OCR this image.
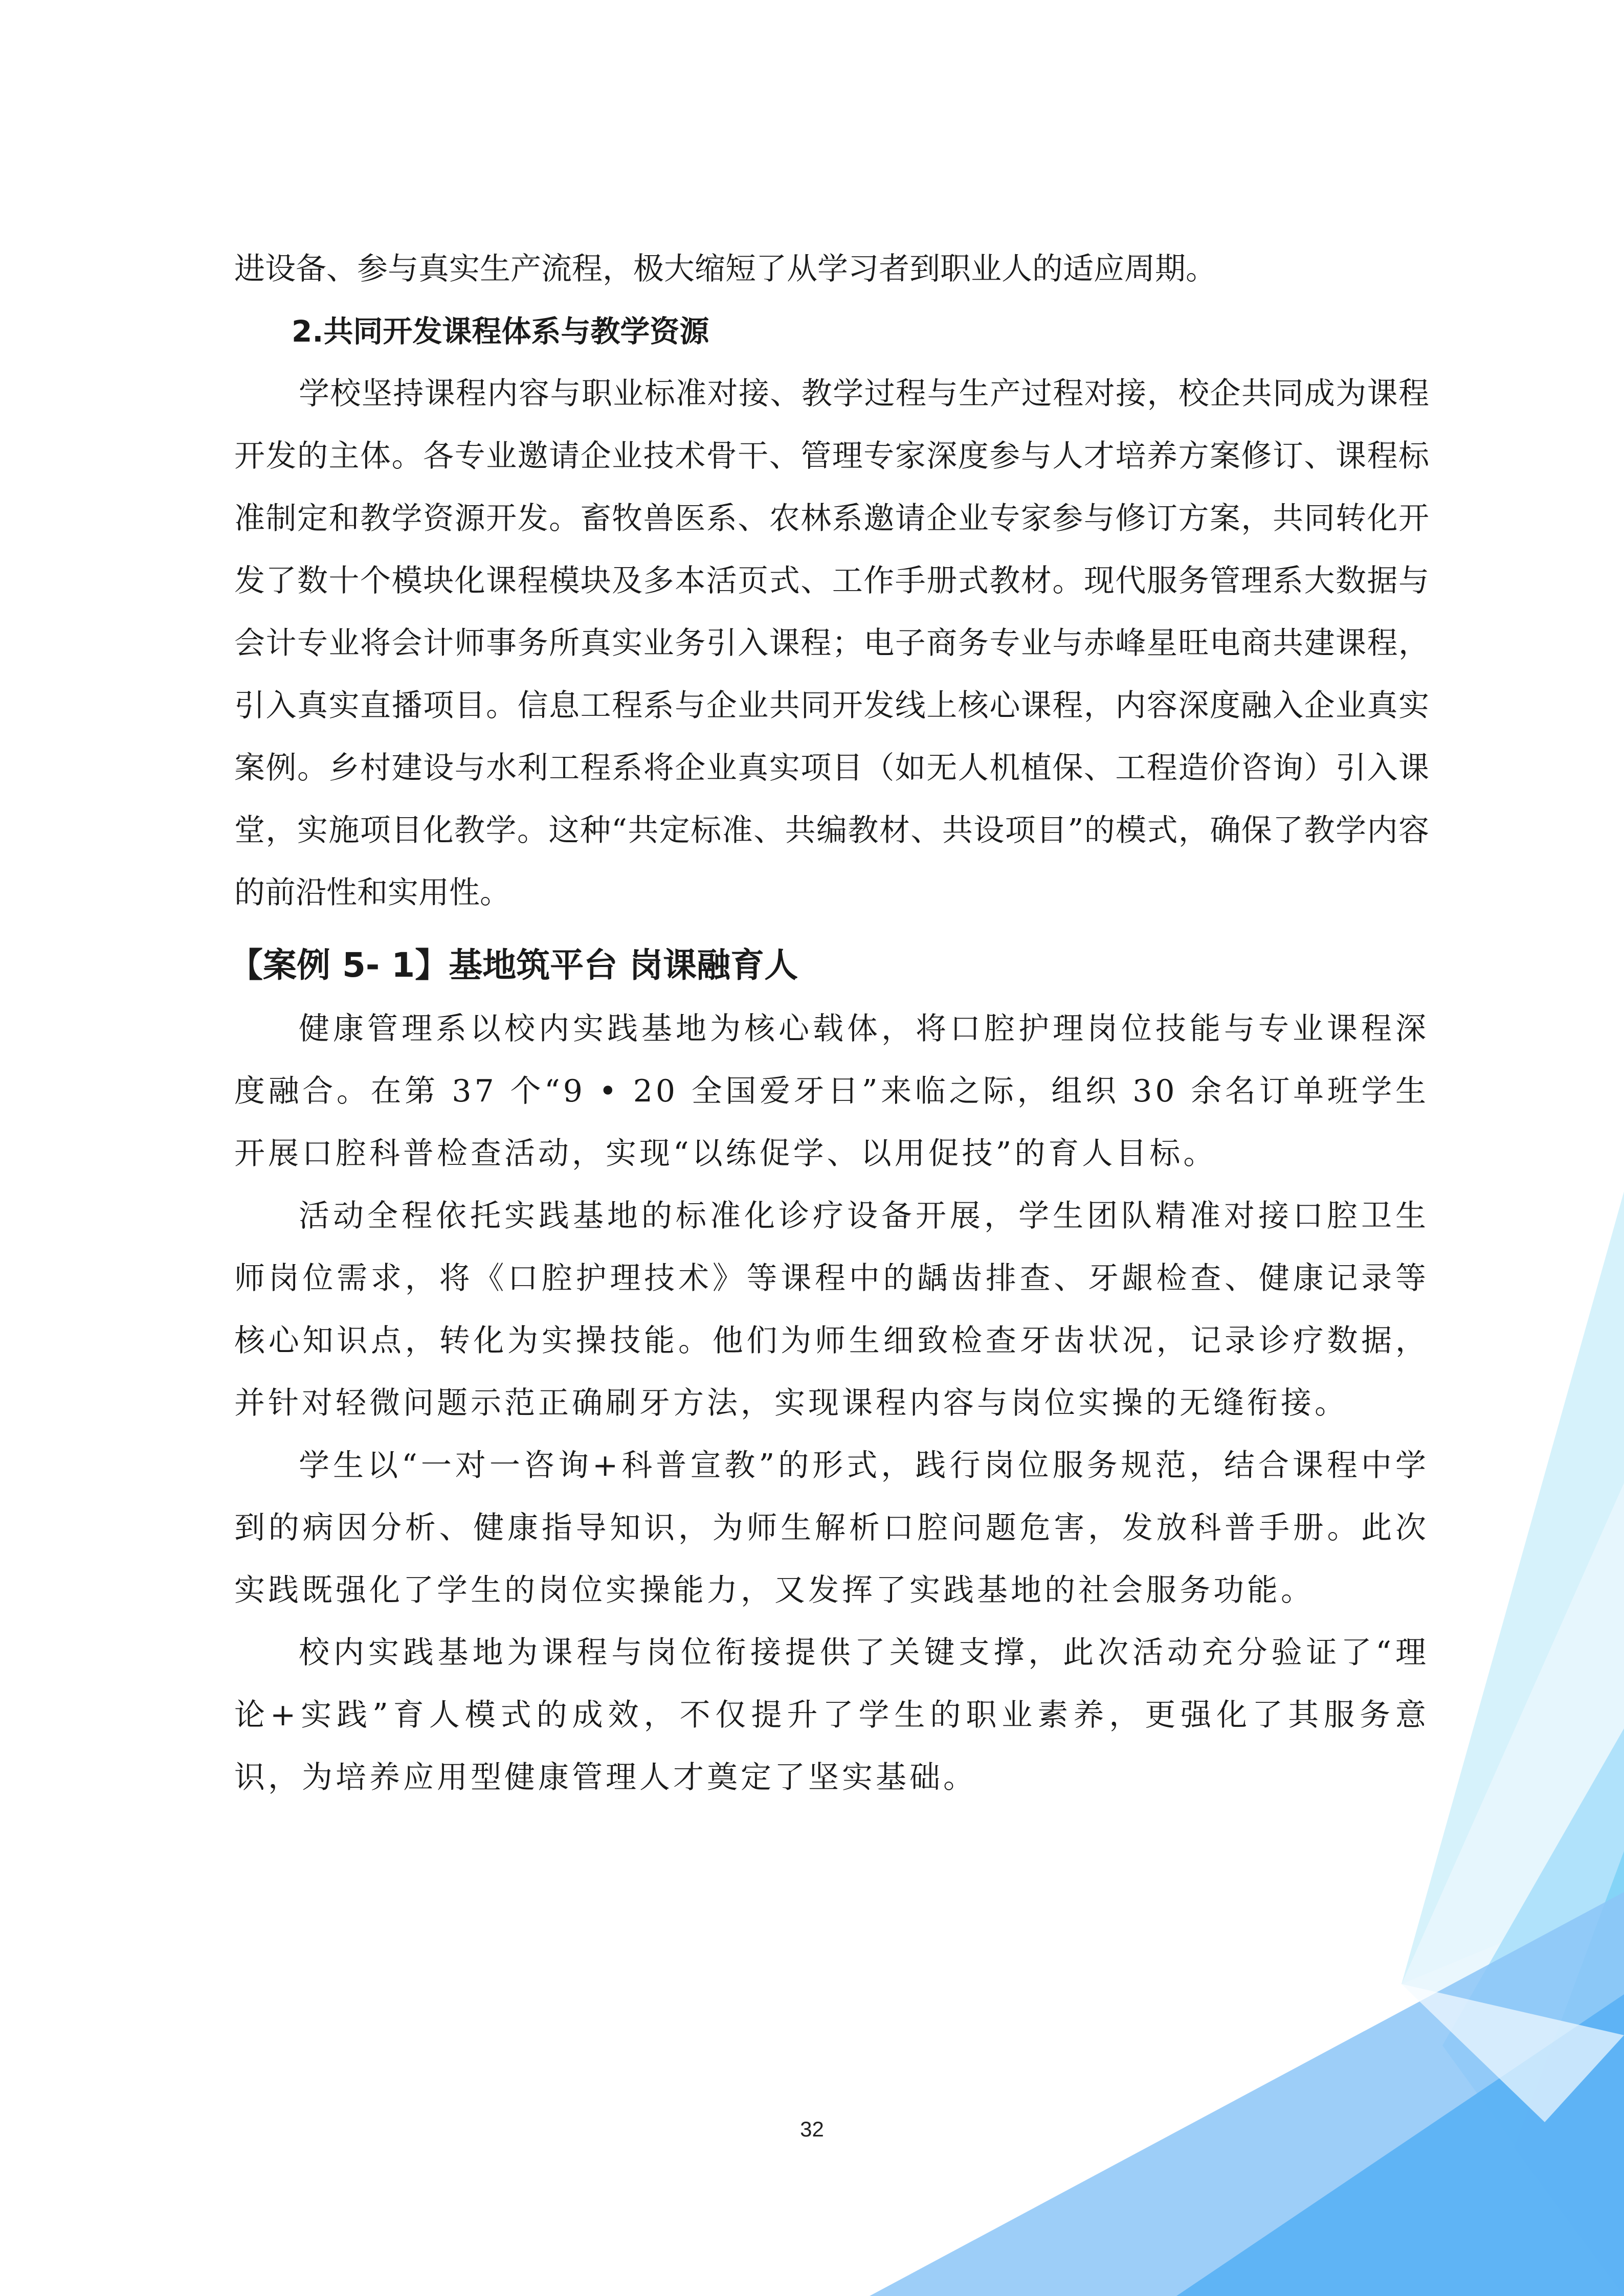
进设备、参与真实生产流程，极大缩短了从学习者到职业人的适应周期。

2.共同开发课程体系与教学资源

学校坚持课程内容与职业标准对接、教学过程与生产过程对接，校企共同成为课程开发的主体。各专业邀请企业技术骨干、管理专家深度参与人才培养方案修订、课程标准制定和教学资源开发。畜牧兽医系、农林系邀请企业专家参与修订方案，共同转化开发了数十个模块化课程模块及多本活页式、工作手册式教材。现代服务管理系大数据与会计专业将会计师事务所真实业务引入课程；电子商务专业与赤峰星旺电商共建课程，引入真实直播项目。信息工程系与企业共同开发线上核心课程，内容深度融入企业真实案例。乡村建设与水利工程系将企业真实项目（如无人机植保、工程造价咨询）引入课堂，实施项目化教学。这种“共定标准、共编教材、共设项目”的模式，确保了教学内容的前沿性和实用性。

【案例 5- 1】基地筑平台 岗课融育人

健康管理系以校内实践基地为核心载体，将口腔护理岗位技能与专业课程深度融合。在第 37 个“9 • 20 全国爱牙日”来临之际，组织 30 余名订单班学生开展口腔科普检查活动，实现“以练促学、以用促技”的育人目标。

活动全程依托实践基地的标准化诊疗设备开展，学生团队精准对接口腔卫生师岗位需求，将《口腔护理技术》等课程中的龋齿排查、牙龈检查、健康记录等核心知识点，转化为实操技能。他们为师生细致检查牙齿状况，记录诊疗数据，并针对轻微问题示范正确刷牙方法，实现课程内容与岗位实操的无缝衔接。

学生以“一对一咨询+科普宣教”的形式，践行岗位服务规范，结合课程中学到的病因分析、健康指导知识，为师生解析口腔问题危害，发放科普手册。此次实践既强化了学生的岗位实操能力，又发挥了实践基地的社会服务功能。

校内实践基地为课程与岗位衔接提供了关键支撑，此次活动充分验证了“理论+实践”育人模式的成效，不仅提升了学生的职业素养，更强化了其服务意识，为培养应用型健康管理人才奠定了坚实基础。

32
